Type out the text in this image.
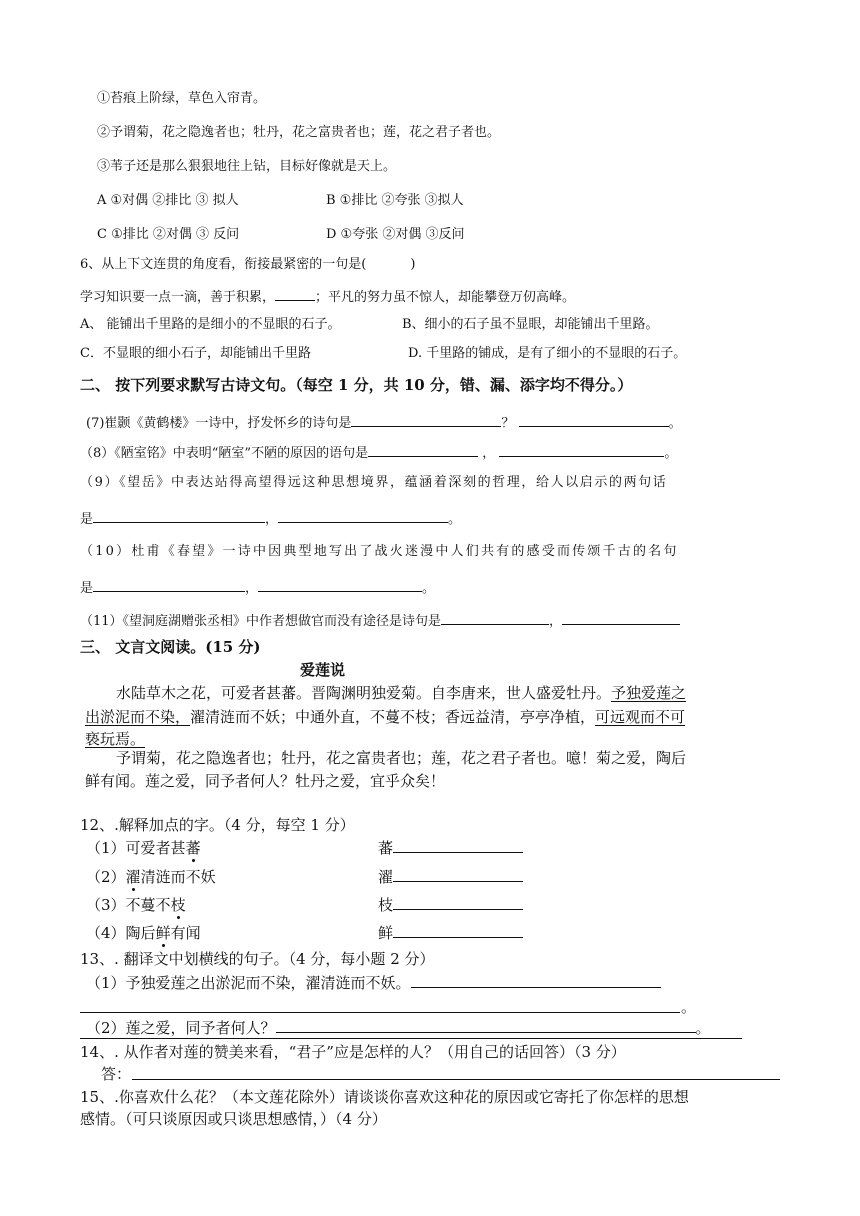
①苔痕上阶绿，草色入帘青。
②予谓菊，花之隐逸者也；牡丹，花之富贵者也；莲，花之君子者也。
③苇子还是那么狠狠地往上钻，目标好像就是天上。
A ①对偶 ②排比 ③ 拟人	B ①排比 ②夸张 ③拟人
C ①排比 ②对偶 ③ 反问	D ①夸张 ②对偶 ③反问
6、从上下文连贯的角度看，衔接最紧密的一句是(	)
学习知识要一点一滴，善于积累，	；平凡的努力虽不惊人，却能攀登万仞高峰。
A、 能铺出千里路的是细小的不显眼的石子。	B、细小的石子虽不显眼，却能铺出千里路。
C．不显眼的细小石子，却能铺出千里路	D. 千里路的铺成，是有了细小的不显眼的石子。
二、 按下列要求默写古诗文句。（每空 1 分，共 10 分，错、漏、添字均不得分。）
(7)崔颢《黄鹤楼》一诗中，抒发怀乡的诗句是	？	。
（8）《陋室铭》中表明“陋室”不陋的原因的语句是	，	。
（9）《望岳》中表达站得高望得远这种思想境界，蕴涵着深刻的哲理，给人以启示的两句话
是	，	。
（10）杜甫《春望》一诗中因典型地写出了战火迷漫中人们共有的感受而传颂千古的名句
是	，	。
（11）《望洞庭湖赠张丞相》中作者想做官而没有途径是诗句是	，
三、 文言文阅读。(15 分)
爱莲说
水陆草木之花，可爱者甚蕃。晋陶渊明独爱菊。自李唐来，世人盛爱牡丹。予独爱莲之
出淤泥而不染，濯清涟而不妖；中通外直，不蔓不枝；香远益清，亭亭净植，可远观而不可
亵玩焉。
予谓菊，花之隐逸者也；牡丹，花之富贵者也；莲，花之君子者也。噫！菊之爱，陶后
鲜有闻。莲之爱，同予者何人？牡丹之爱，宜乎众矣！
12、.解释加点的字。（4 分，每空 1 分）
（1）可爱者甚蕃	蕃
（2）濯清涟而不妖	濯
（3）不蔓不枝	枝
（4）陶后鲜有闻	鲜
13、. 翻译文中划横线的句子。（4 分，每小题 2 分）
（1）予独爱莲之出淤泥而不染，濯清涟而不妖。
。
（2）莲之爱，同予者何人？	。
14、. 从作者对莲的赞美来看，“君子”应是怎样的人？（用自己的话回答）（3 分）
答：
15、.你喜欢什么花？（本文莲花除外）请谈谈你喜欢这种花的原因或它寄托了你怎样的思想
感情。（可只谈原因或只谈思想感情，）（4 分）
